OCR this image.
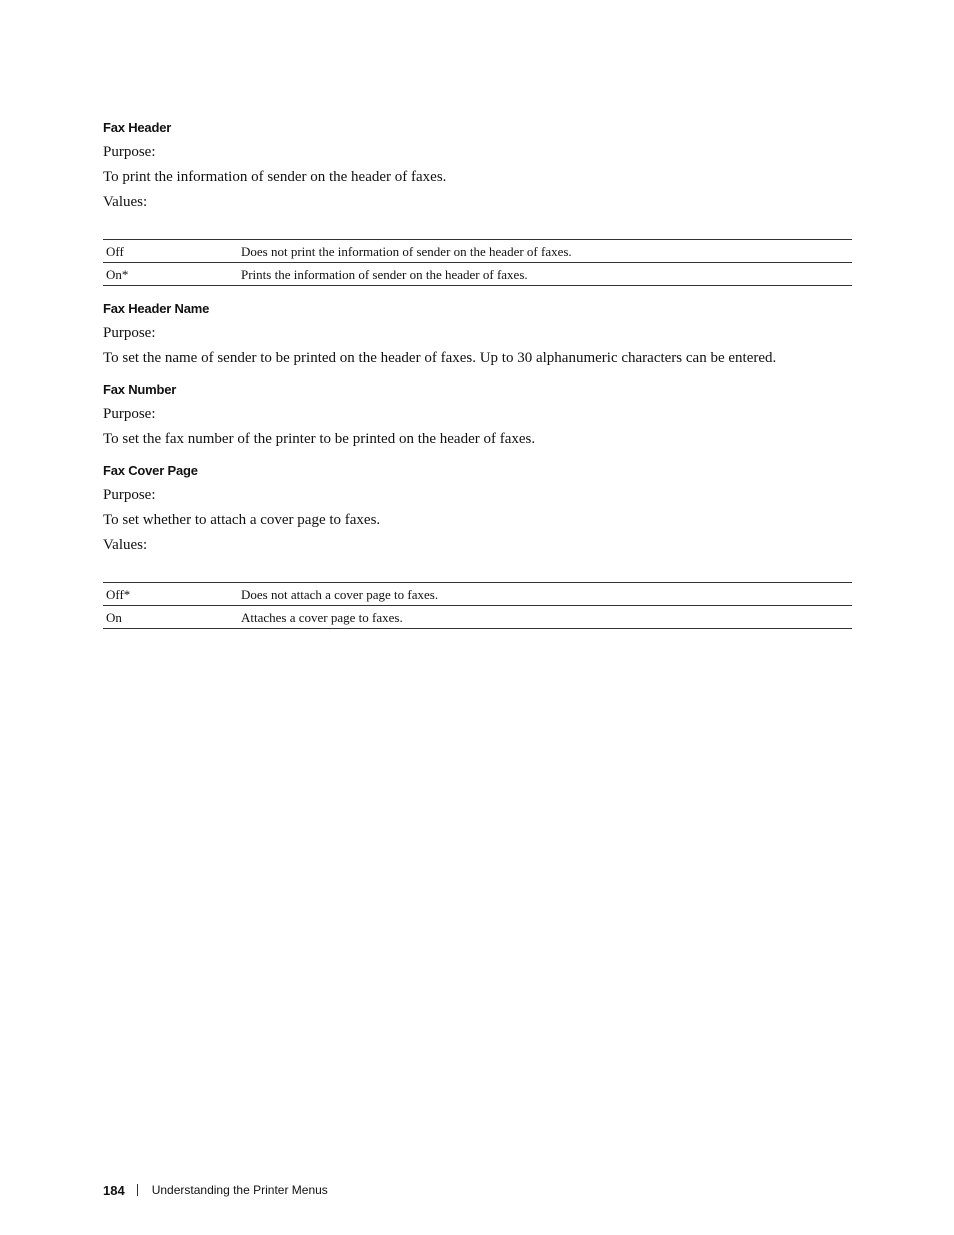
Fax Header
Purpose:
To print the information of sender on the header of faxes.
Values:
Off	Does not print the information of sender on the header of faxes.
On*	Prints the information of sender on the header of faxes.
Fax Header Name
Purpose:
To set the name of sender to be printed on the header of faxes. Up to 30 alphanumeric characters can be entered.
Fax Number
Purpose:
To set the fax number of the printer to be printed on the header of faxes.
Fax Cover Page
Purpose:
To set whether to attach a cover page to faxes.
Values:
Off*	Does not attach a cover page to faxes.
On	Attaches a cover page to faxes.
184 Understanding the Printer Menus
